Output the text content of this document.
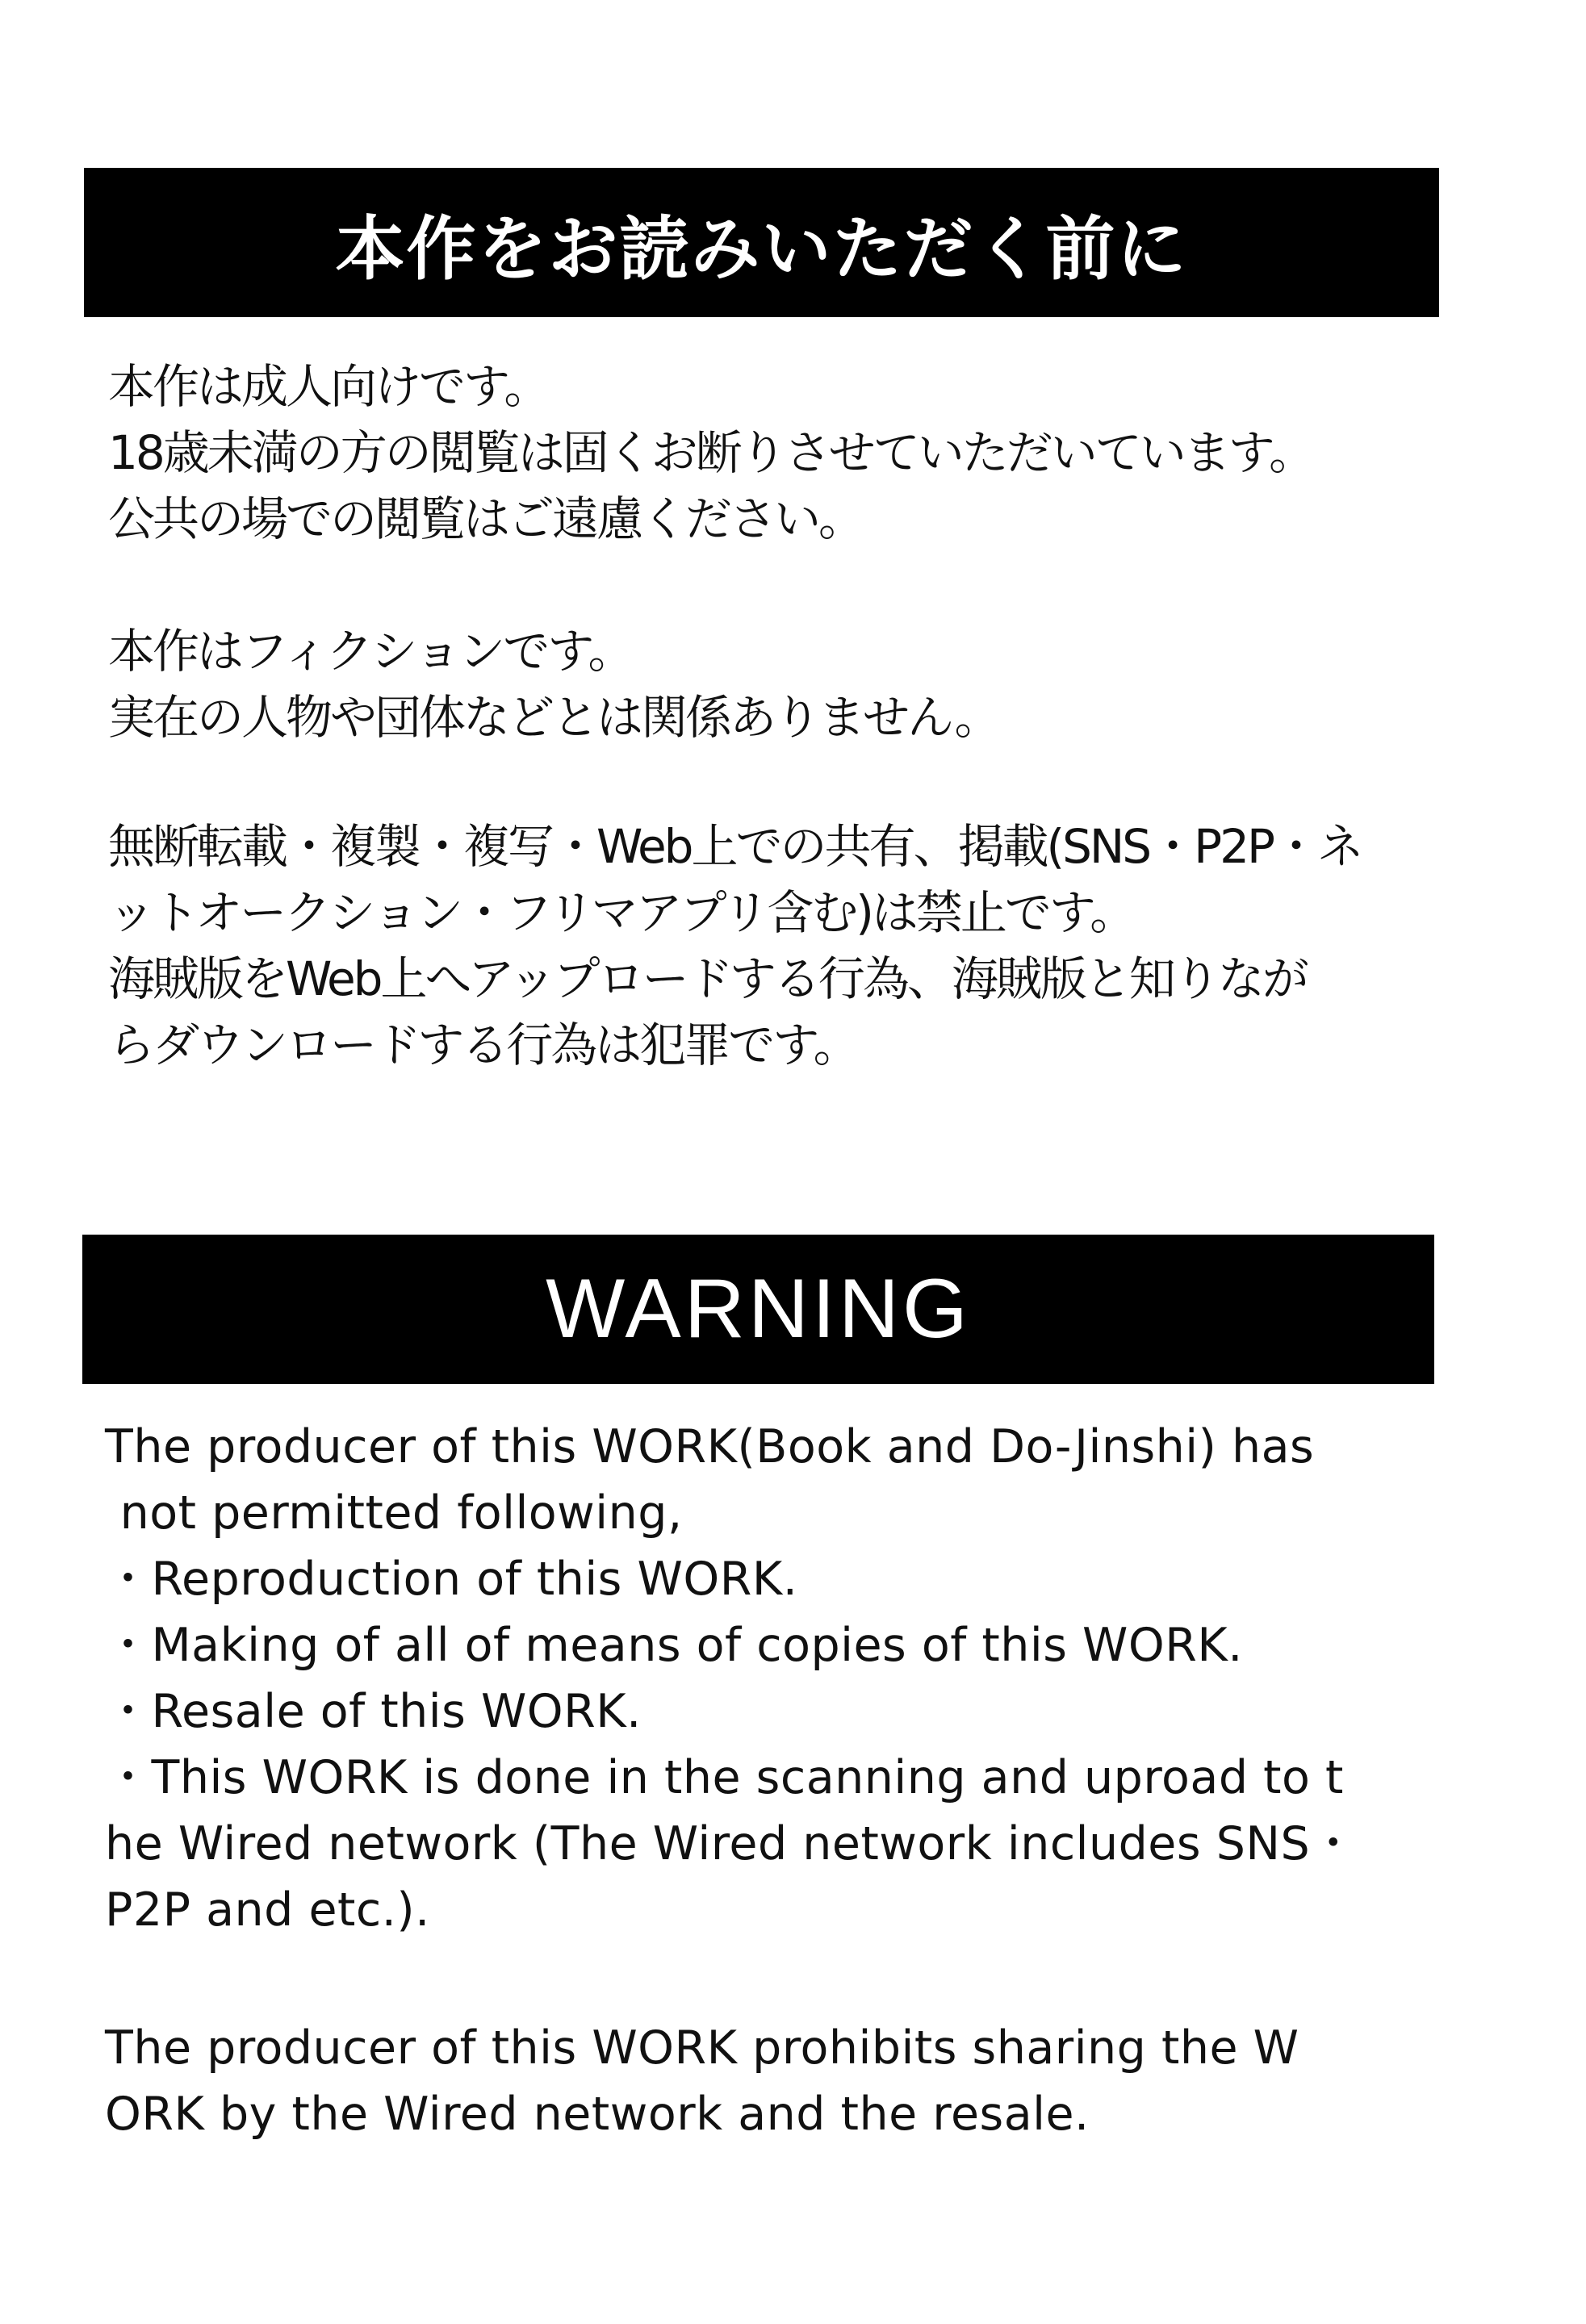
本作をお読みいただく前に
本作は成人向けです。
18歳未満の方の閲覧は固くお断りさせていただいています。
公共の場での閲覧はご遠慮ください。
本作はフィクションです。
実在の人物や団体などとは関係ありません。
無断転載・複製・複写・Web上での共有、掲載(SNS・P2P・ネ
ットオークション・フリマアプリ含む)は禁止です。
海賊版をWeb上へアップロードする行為、海賊版と知りなが
らダウンロードする行為は犯罪です。
WARNING
The producer of this WORK(Book and Do-Jinshi) has
not permitted following,
・Reproduction of this WORK.
・Making of all of means of copies of this WORK.
・Resale of this WORK.
・This WORK is done in the scanning and uproad to t
he Wired network (The Wired network includes SNS・
P2P and etc.).
The producer of this WORK prohibits sharing the W
ORK by the Wired network and the resale.
